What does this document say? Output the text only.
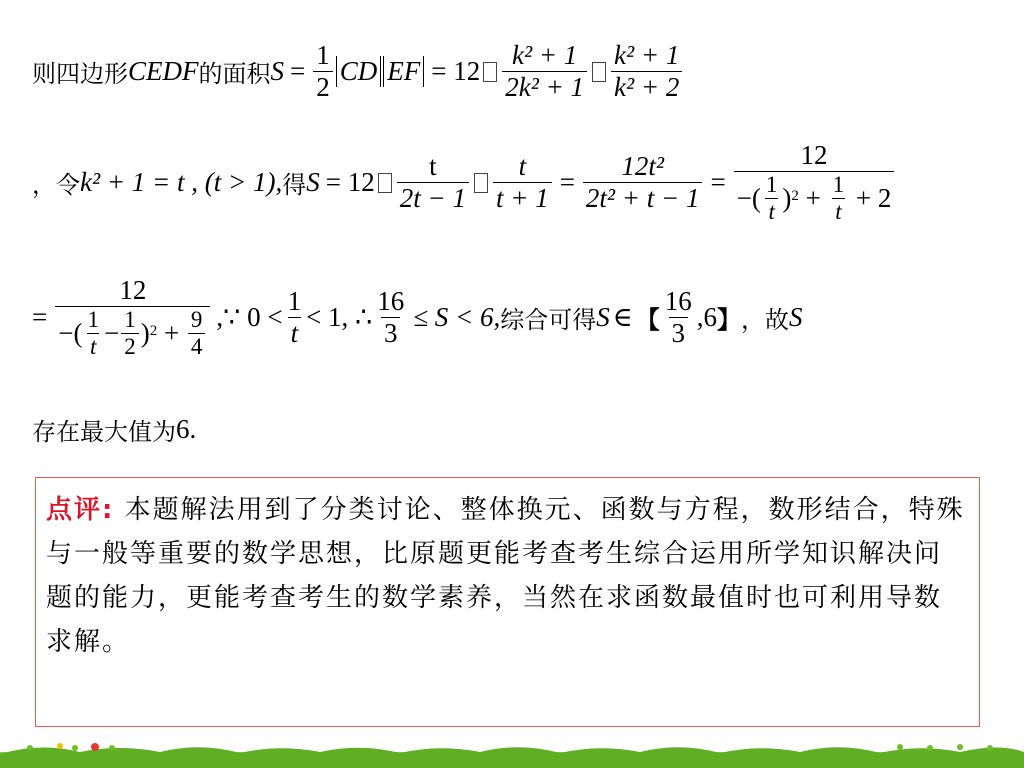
则四边形 CEDF 的面积 $S = \frac{1}{2}$ CD EF = $12 \frac{\text{k² + 1}}{\text{2k² + 1}} \frac{\text{k² + 1}}{\text{k² + 2}}$
，令 k² + 1 = t , (t > 1), 得 $S = 12 \frac{t}{2t - 1} \frac{t}{t + 1} = \frac{\text{12t²}}{\text{2t² + t − 1}} = \frac{12}{-( \frac{1}{t} )^2 + \frac{1}{t} + 2}$
= $\frac{12}{-( \frac{1}{t} - \frac{1}{2} )^2 + \frac{9}{4}}$ ,∵ $0 < \frac{1}{t} < 1$, ∴ $\frac{16}{3} \le S < 6$, 综合可得 S ∈ 【 $\frac{16}{3} ,6$ 】 ，故 S
存在最大值为 6.
点评: 本题解法用到了分类讨论、整体换元、函数与方程，数形结合，特殊与一般等重要的数学思想，比原题更能考查考生综合运用所学知识解决问题的能力，更能考查考生的数学素养，当然在求函数最值时也可利用导数求解。
